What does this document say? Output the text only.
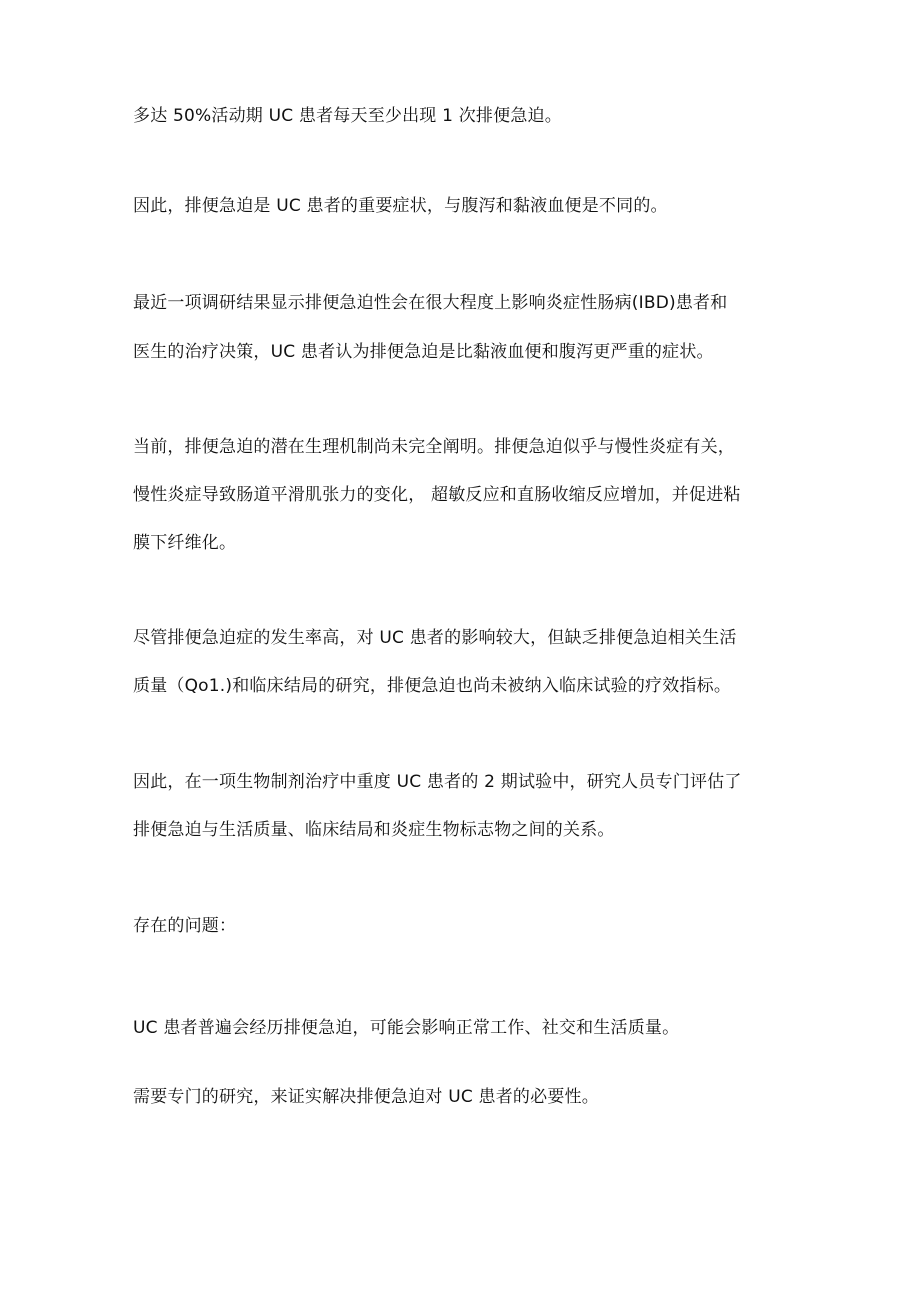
多达 50%活动期 UC 患者每天至少出现 1 次排便急迫。

因此，排便急迫是 UC 患者的重要症状，与腹泻和黏液血便是不同的。

最近一项调研结果显示排便急迫性会在很大程度上影响炎症性肠病(IBD)患者和

医生的治疗决策，UC 患者认为排便急迫是比黏液血便和腹泻更严重的症状。

当前，排便急迫的潜在生理机制尚未完全阐明。排便急迫似乎与慢性炎症有关，

慢性炎症导致肠道平滑肌张力的变化， 超敏反应和直肠收缩反应增加，并促进粘

膜下纤维化。

尽管排便急迫症的发生率高，对 UC 患者的影响较大，但缺乏排便急迫相关生活

质量（Qo1.)和临床结局的研究，排便急迫也尚未被纳入临床试验的疗效指标。

因此，在一项生物制剂治疗中重度 UC 患者的 2 期试验中，研究人员专门评估了

排便急迫与生活质量、临床结局和炎症生物标志物之间的关系。

存在的问题：

UC 患者普遍会经历排便急迫，可能会影响正常工作、社交和生活质量。

需要专门的研究，来证实解决排便急迫对 UC 患者的必要性。
